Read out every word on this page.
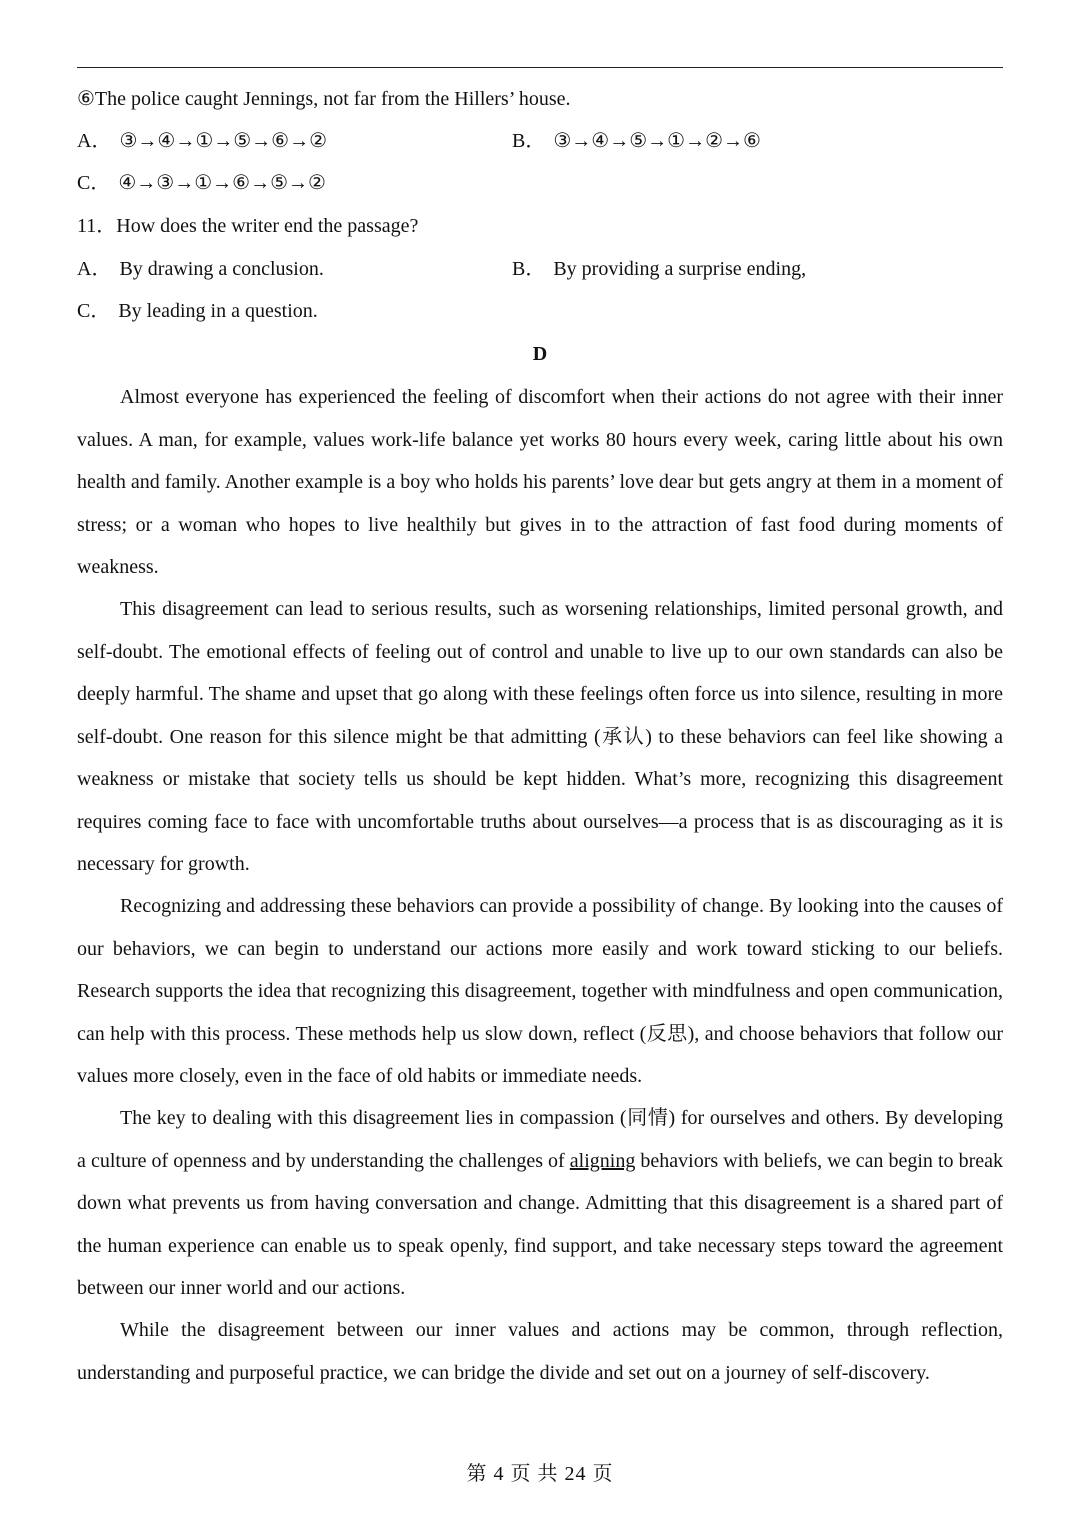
⑥The police caught Jennings, not far from the Hillers’ house.
A． ③→④→①→⑤→⑥→②	B． ③→④→⑤→①→②→⑥
C． ④→③→①→⑥→⑤→②
11．How does the writer end the passage?
A． By drawing a conclusion.	B． By providing a surprise ending,
C． By leading in a question.
D

Almost everyone has experienced the feeling of discomfort when their actions do not agree with their inner values. A man, for example, values work-life balance yet works 80 hours every week, caring little about his own health and family. Another example is a boy who holds his parents’ love dear but gets angry at them in a moment of stress; or a woman who hopes to live healthily but gives in to the attraction of fast food during moments of weakness.

This disagreement can lead to serious results, such as worsening relationships, limited personal growth, and self-doubt. The emotional effects of feeling out of control and unable to live up to our own standards can also be deeply harmful. The shame and upset that go along with these feelings often force us into silence, resulting in more self-doubt. One reason for this silence might be that admitting (承认) to these behaviors can feel like showing a weakness or mistake that society tells us should be kept hidden. What’s more, recognizing this disagreement requires coming face to face with uncomfortable truths about ourselves—a process that is as discouraging as it is necessary for growth.

Recognizing and addressing these behaviors can provide a possibility of change. By looking into the causes of our behaviors, we can begin to understand our actions more easily and work toward sticking to our beliefs. Research supports the idea that recognizing this disagreement, together with mindfulness and open communication, can help with this process. These methods help us slow down, reflect (反思), and choose behaviors that follow our values more closely, even in the face of old habits or immediate needs.

The key to dealing with this disagreement lies in compassion (同情) for ourselves and others. By developing a culture of openness and by understanding the challenges of aligning behaviors with beliefs, we can begin to break down what prevents us from having conversation and change. Admitting that this disagreement is a shared part of the human experience can enable us to speak openly, find support, and take necessary steps toward the agreement between our inner world and our actions.

While the disagreement between our inner values and actions may be common, through reflection, understanding and purposeful practice, we can bridge the divide and set out on a journey of self-discovery.

第 4 页 共 24 页
